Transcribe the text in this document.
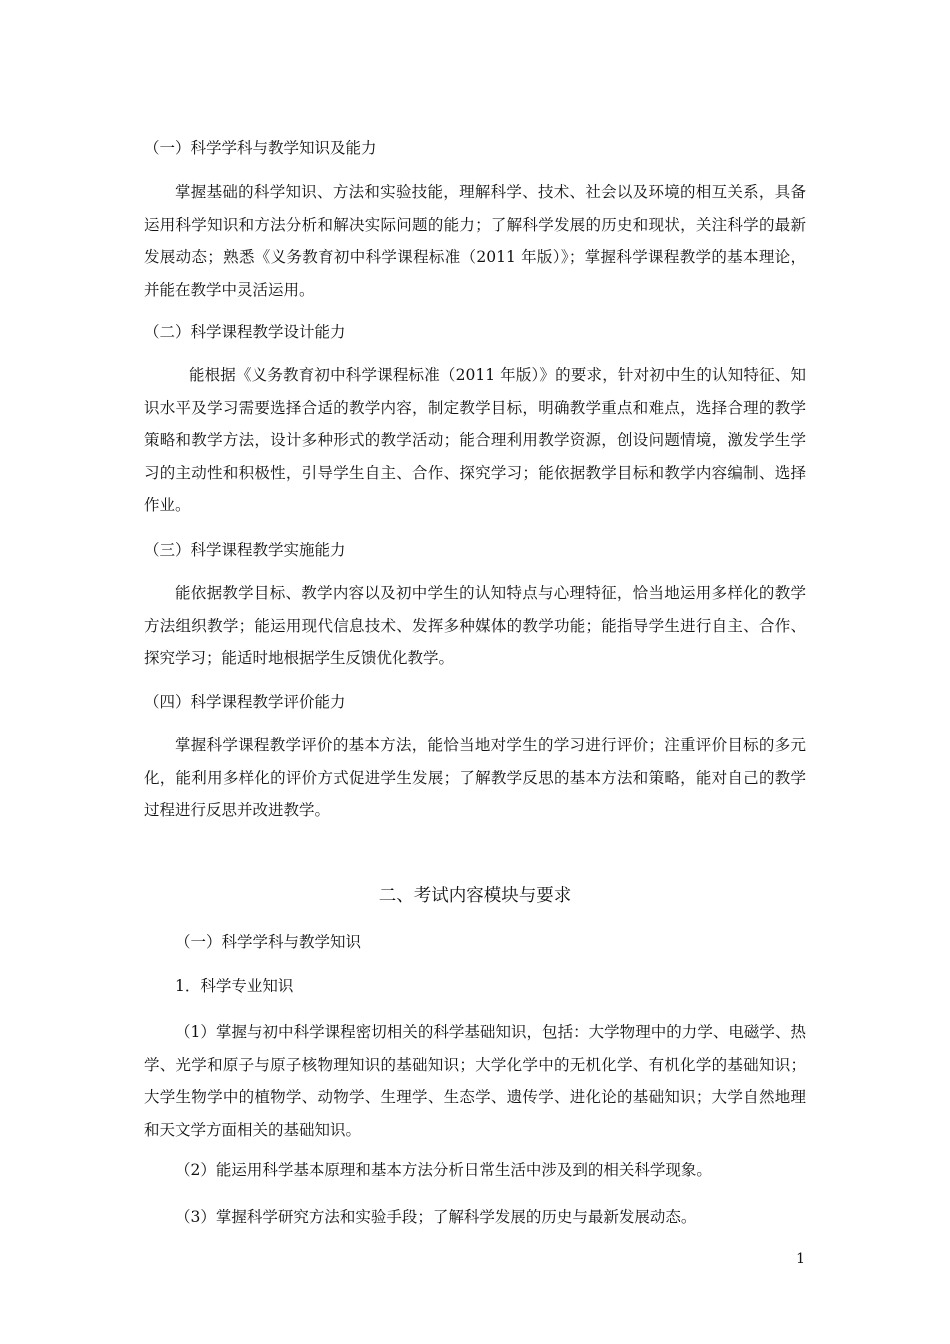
（一）科学学科与教学知识及能力
掌握基础的科学知识、方法和实验技能，理解科学、技术、社会以及环境的相互关系，具备运用科学知识和方法分析和解决实际问题的能力；了解科学发展的历史和现状，关注科学的最新发展动态；熟悉《义务教育初中科学课程标准（2011 年版）》；掌握科学课程教学的基本理论，并能在教学中灵活运用。
（二）科学课程教学设计能力
能根据《义务教育初中科学课程标准（2011 年版）》的要求，针对初中生的认知特征、知识水平及学习需要选择合适的教学内容，制定教学目标，明确教学重点和难点，选择合理的教学策略和教学方法，设计多种形式的教学活动；能合理利用教学资源，创设问题情境，激发学生学习的主动性和积极性，引导学生自主、合作、探究学习；能依据教学目标和教学内容编制、选择作业。
（三）科学课程教学实施能力
能依据教学目标、教学内容以及初中学生的认知特点与心理特征，恰当地运用多样化的教学方法组织教学；能运用现代信息技术、发挥多种媒体的教学功能；能指导学生进行自主、合作、探究学习；能适时地根据学生反馈优化教学。
（四）科学课程教学评价能力
掌握科学课程教学评价的基本方法，能恰当地对学生的学习进行评价；注重评价目标的多元化，能利用多样化的评价方式促进学生发展；了解教学反思的基本方法和策略，能对自己的教学过程进行反思并改进教学。
二、考试内容模块与要求
（一）科学学科与教学知识
1．科学专业知识
（1）掌握与初中科学课程密切相关的科学基础知识，包括：大学物理中的力学、电磁学、热学、光学和原子与原子核物理知识的基础知识；大学化学中的无机化学、有机化学的基础知识；大学生物学中的植物学、动物学、生理学、生态学、遗传学、进化论的基础知识；大学自然地理和天文学方面相关的基础知识。
（2）能运用科学基本原理和基本方法分析日常生活中涉及到的相关科学现象。
（3）掌握科学研究方法和实验手段；了解科学发展的历史与最新发展动态。
1
